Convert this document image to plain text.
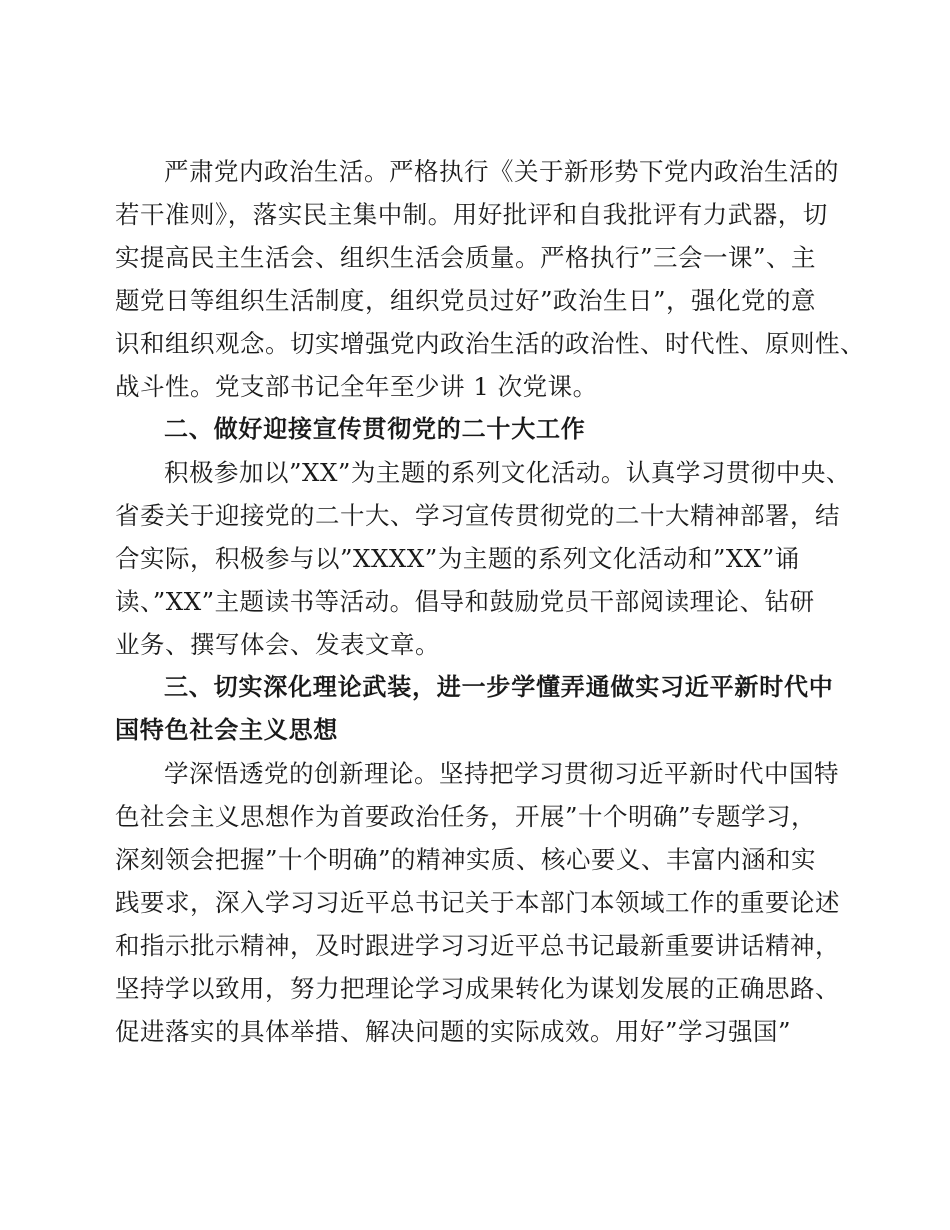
严肃党内政治生活。严格执行《关于新形势下党内政治生活的
若干准则》，落实民主集中制。用好批评和自我批评有力武器，切
实提高民主生活会、组织生活会质量。严格执行”三会一课”、主
题党日等组织生活制度，组织党员过好”政治生日”，强化党的意
识和组织观念。切实增强党内政治生活的政治性、时代性、原则性、
战斗性。党支部书记全年至少讲 1 次党课。
二、做好迎接宣传贯彻党的二十大工作
积极参加以”XX”为主题的系列文化活动。认真学习贯彻中央、
省委关于迎接党的二十大、学习宣传贯彻党的二十大精神部署，结
合实际，积极参与以”XXXX”为主题的系列文化活动和”XX”诵
读、”XX”主题读书等活动。倡导和鼓励党员干部阅读理论、钻研
业务、撰写体会、发表文章。
三、切实深化理论武装，进一步学懂弄通做实习近平新时代中
国特色社会主义思想
学深悟透党的创新理论。坚持把学习贯彻习近平新时代中国特
色社会主义思想作为首要政治任务，开展”十个明确”专题学习，
深刻领会把握”十个明确”的精神实质、核心要义、丰富内涵和实
践要求，深入学习习近平总书记关于本部门本领域工作的重要论述
和指示批示精神，及时跟进学习习近平总书记最新重要讲话精神，
坚持学以致用，努力把理论学习成果转化为谋划发展的正确思路、
促进落实的具体举措、解决问题的实际成效。用好”学习强国”
